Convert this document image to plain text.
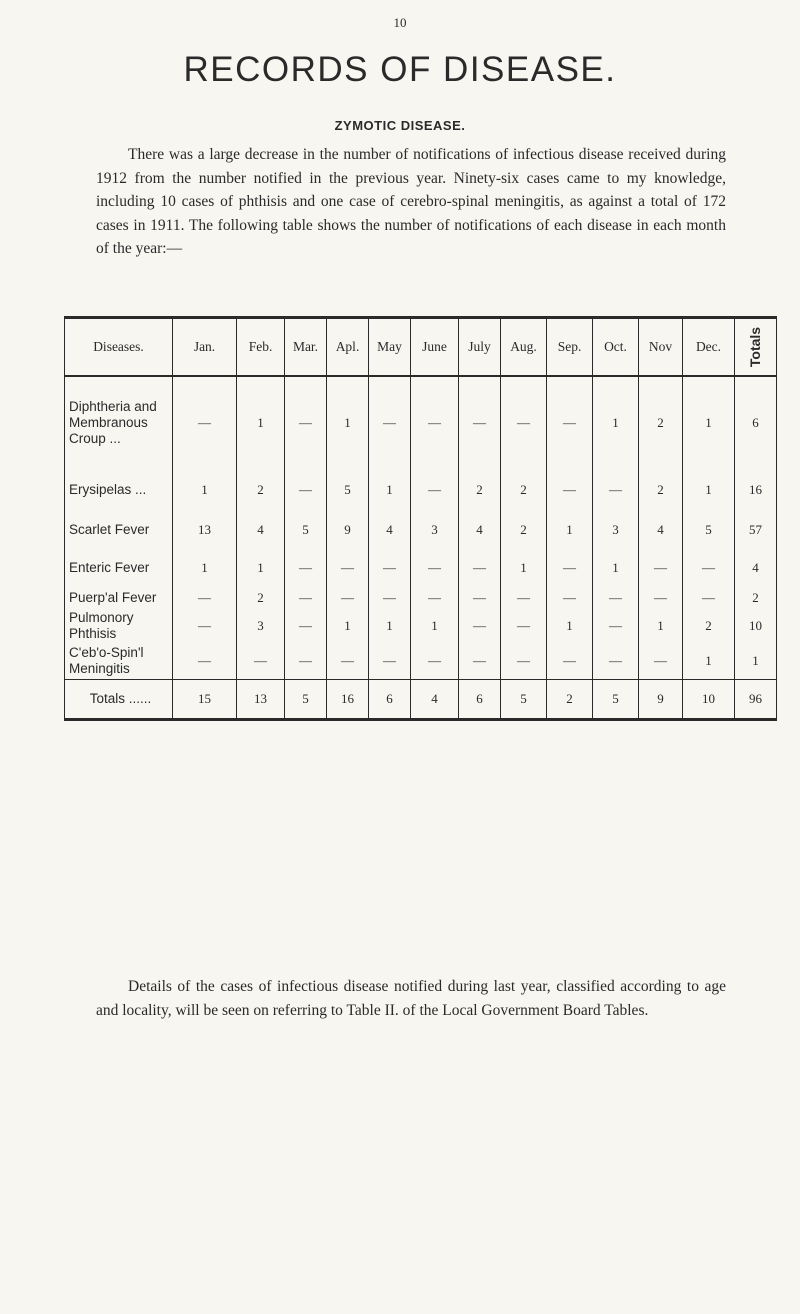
10
RECORDS OF DISEASE.
ZYMOTIC DISEASE.

There was a large decrease in the number of notifications of infectious disease received during 1912 from the number notified in the previous year. Ninety-six cases came to my knowledge, including 10 cases of phthisis and one case of cerebro-spinal meningitis, as against a total of 172 cases in 1911. The following table shows the number of notifications of each disease in each month of the year:—

Diseases.	Jan.	Feb.	Mar.	Apl.	May	June	July	Aug.	Sep.	Oct.	Nov	Dec.	Totals
Diphtheria and Membranous Croup ...	—	1	—	1	—	—	—	—	—	1	2	1	6
Erysipelas ...	1	2	—	5	1	—	2	2	—	—	2	1	16
Scarlet Fever	13	4	5	9	4	3	4	2	1	3	4	5	57
Enteric Fever	1	1	—	—	—	—	—	1	—	1	—	—	4
Puerp'al Fever	—	2	—	—	—	—	—	—	—	—	—	—	2
Pulmonory Phthisis	—	3	—	1	1	1	—	—	1	—	1	2	10
C'eb'o-Spin'l Meningitis	—	—	—	—	—	—	—	—	—	—	—	1	1
Totals ......	15	13	5	16	6	4	6	5	2	5	9	10	96

Details of the cases of infectious disease notified during last year, classified according to age and locality, will be seen on referring to Table II. of the Local Government Board Tables.
